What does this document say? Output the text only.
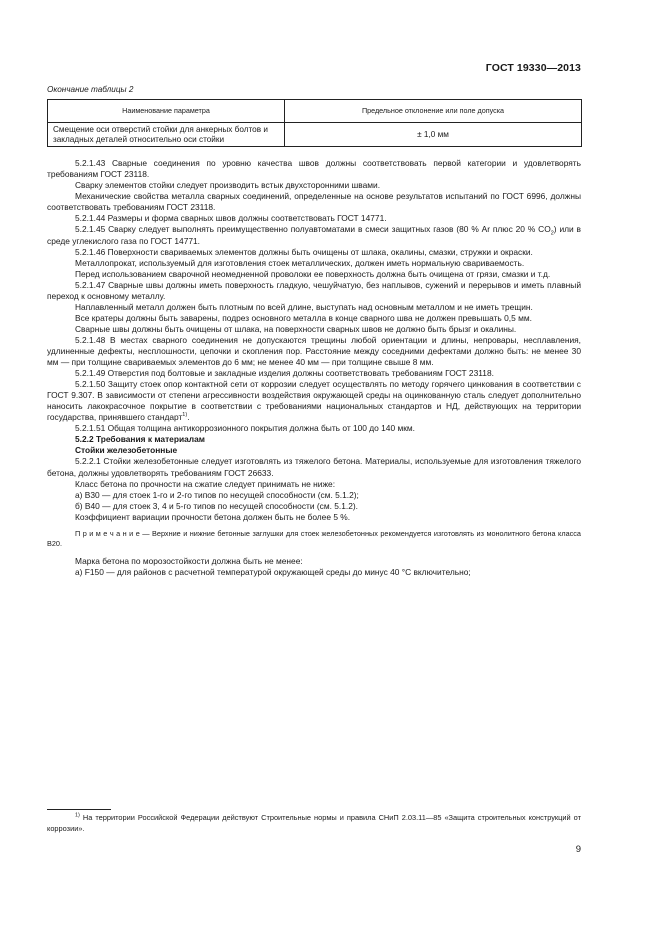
ГОСТ 19330—2013
Окончание таблицы 2
Наименование параметра	Предельное отклонение или поле допуска
Смещение оси отверстий стойки для анкерных болтов и закладных деталей относительно оси стойки	± 1,0 мм

5.2.1.43 Сварные соединения по уровню качества швов должны соответствовать первой категории и удовлетворять требованиям ГОСТ 23118.

Сварку элементов стойки следует производить встык двухсторонними швами.

Механические свойства металла сварных соединений, определенные на основе результатов испытаний по ГОСТ 6996, должны соответствовать требованиям ГОСТ 23118.

5.2.1.44 Размеры и форма сварных швов должны соответствовать ГОСТ 14771.

5.2.1.45 Сварку следует выполнять преимущественно полуавтоматами в смеси защитных газов (80 % Ar плюс 20 % $CO_2$) или в среде углекислого газа по ГОСТ 14771.

5.2.1.46 Поверхности свариваемых элементов должны быть очищены от шлака, окалины, смазки, стружки и окраски.

Металлопрокат, используемый для изготовления стоек металлических, должен иметь нормальную свариваемость.

Перед использованием сварочной неомедненной проволоки ее поверхность должна быть очищена от грязи, смазки и т.д.

5.2.1.47 Сварные швы должны иметь поверхность гладкую, чешуйчатую, без наплывов, сужений и перерывов и иметь плавный переход к основному металлу.

Наплавленный металл должен быть плотным по всей длине, выступать над основным металлом и не иметь трещин.

Все кратеры должны быть заварены, подрез основного металла в конце сварного шва не должен превышать 0,5 мм.

Сварные швы должны быть очищены от шлака, на поверхности сварных швов не должно быть брызг и окалины.

5.2.1.48 В местах сварного соединения не допускаются трещины любой ориентации и длины, непровары, несплавления, удлиненные дефекты, несплошности, цепочки и скопления пор. Расстояние между соседними дефектами должно быть: не менее 30 мм — при толщине свариваемых элементов до 6 мм; не менее 40 мм — при толщине свыше 8 мм.

5.2.1.49 Отверстия под болтовые и закладные изделия должны соответствовать требованиям ГОСТ 23118.

5.2.1.50 Защиту стоек опор контактной сети от коррозии следует осуществлять по методу горячего цинкования в соответствии с ГОСТ 9.307. В зависимости от степени агрессивности воздействия окружающей среды на оцинкованную сталь следует дополнительно наносить лакокрасочное покрытие в соответствии с требованиями национальных стандартов и НД, действующих на территории государства, принявшего стандарт$^{1)}$.

5.2.1.51 Общая толщина антикоррозионного покрытия должна быть от 100 до 140 мкм.

5.2.2 Требования к материалам

Стойки железобетонные

5.2.2.1 Стойки железобетонные следует изготовлять из тяжелого бетона. Материалы, используемые для изготовления тяжелого бетона, должны удовлетворять требованиям ГОСТ 26633.

Класс бетона по прочности на сжатие следует принимать не ниже:

а) В30 — для стоек 1-го и 2-го типов по несущей способности (см. 5.1.2);

б) В40 — для стоек 3, 4 и 5-го типов по несущей способности (см. 5.1.2).

Коэффициент вариации прочности бетона должен быть не более 5 %.

П р и м е ч а н и е — Верхние и нижние бетонные заглушки для стоек железобетонных рекомендуется изготовлять из монолитного бетона класса В20.

Марка бетона по морозостойкости должна быть не менее:

а) F150 — для районов с расчетной температурой окружающей среды до минус 40 °С включительно;

$^{1)}$ На территории Российской Федерации действуют Строительные нормы и правила СНиП 2.03.11—85 «Защита строительных конструкций от коррозии».
9
